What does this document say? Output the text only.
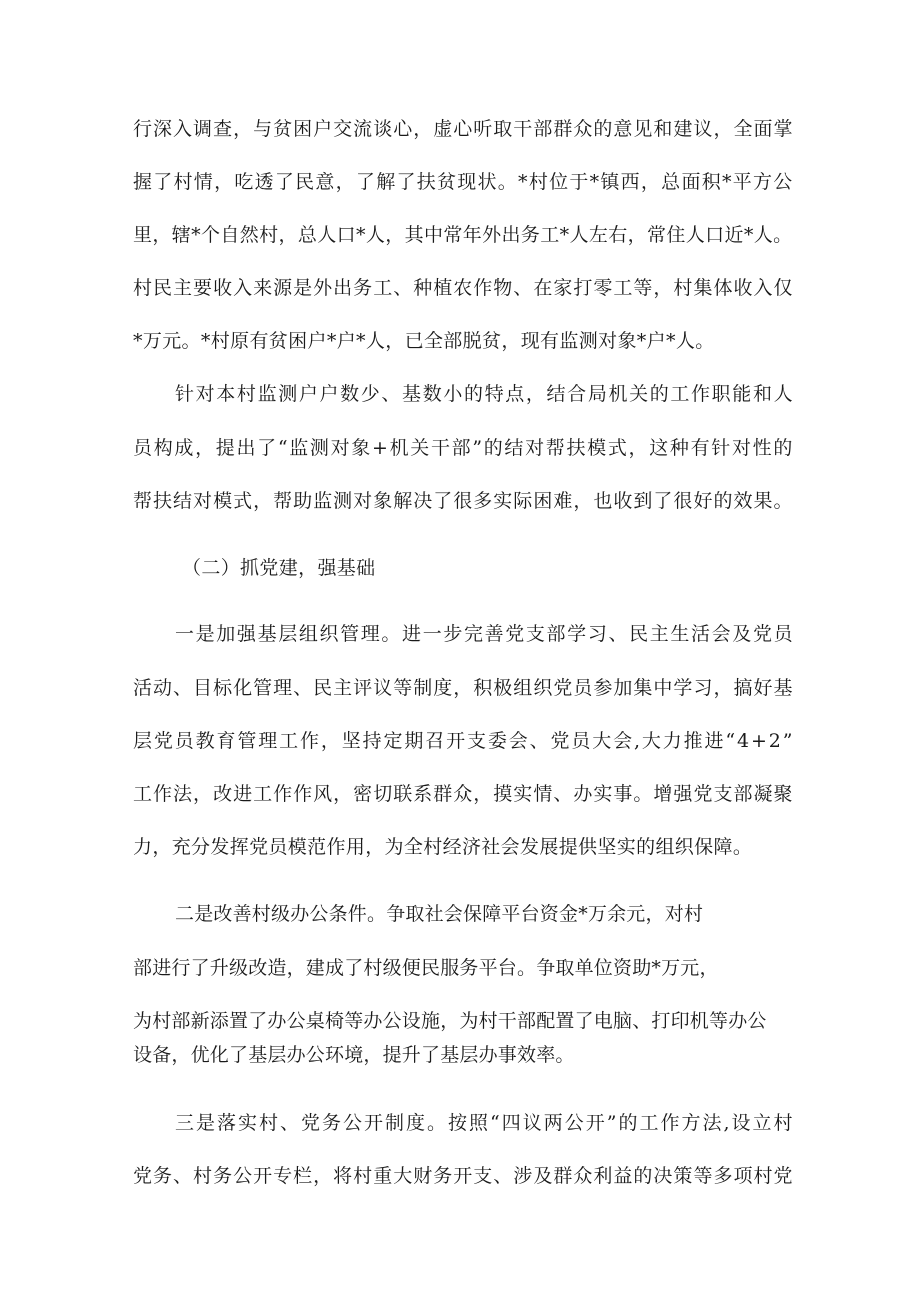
行 深 入 调 查 ， 与 贫 困 户 交 流 谈 心 ， 虚 心 听 取 干 部 群 众 的 意 见 和 建 议 ， 全 面 掌
握 了 村 情 ， 吃 透 了 民 意 ， 了 解 了 扶 贫 现 状 。 * 村 位 于 * 镇 西 ， 总 面 积 * 平 方 公
里 ， 辖 * 个 自 然 村 ， 总 人 口 * 人 ， 其 中 常 年 外 出 务 工 * 人 左 右 ， 常 住 人 口 近 * 人 。
村 民 主 要 收 入 来 源 是 外 出 务 工 、 种 植 农 作 物 、 在 家 打 零 工 等 ， 村 集 体 收 入 仅
*万元。*村原有贫困户*户*人，已全部脱贫，现有监测对象*户*人。
针 对 本 村 监 测 户 户 数 少 、 基 数 小 的 特 点 ， 结 合 局 机 关 的 工 作 职 能 和 人
员 构 成 ， 提 出 了 “ 监 测 对 象 + 机 关 干 部 ” 的 结 对 帮 扶 模 式 ， 这 种 有 针 对 性 的
帮 扶 结 对 模 式 ， 帮 助 监 测 对 象 解 决 了 很 多 实 际 困 难 ， 也 收 到 了 很 好 的 效 果 。
（二）抓党建，强基础
一 是 加 强 基 层 组 织 管 理 。 进 一 步 完 善 党 支 部 学 习 、 民 主 生 活 会 及 党 员
活 动 、 目 标 化 管 理 、 民 主 评 议 等 制 度 ， 积 极 组 织 党 员 参 加 集 中 学 习 ， 搞 好 基
层 党 员 教 育 管 理 工 作 ， 坚 持 定 期 召 开 支 委 会 、 党 员 大 会 , 大 力 推 进 “ 4 + 2 ”
工 作 法 ， 改 进 工 作 作 风 ， 密 切 联 系 群 众 ， 摸 实 情 、 办 实 事 。 增 强 党 支 部 凝 聚
力，充分发挥党员模范作用，为全村经济社会发展提供坚实的组织保障。
二是改善村级办公条件。争取社会保障平台资金*万余元，对村
部进行了升级改造，建成了村级便民服务平台。争取单位资助*万元，
为村部新添置了办公桌椅等办公设施，为村干部配置了电脑、打印机等办公
设备，优化了基层办公环境，提升了基层办事效率。
三 是 落 实 村 、 党 务 公 开 制 度 。 按 照 “ 四 议 两 公 开 ” 的 工 作 方 法 , 设 立 村
党 务 、 村 务 公 开 专 栏 ， 将 村 重 大 财 务 开 支 、 涉 及 群 众 利 益 的 决 策 等 多 项 村 党
